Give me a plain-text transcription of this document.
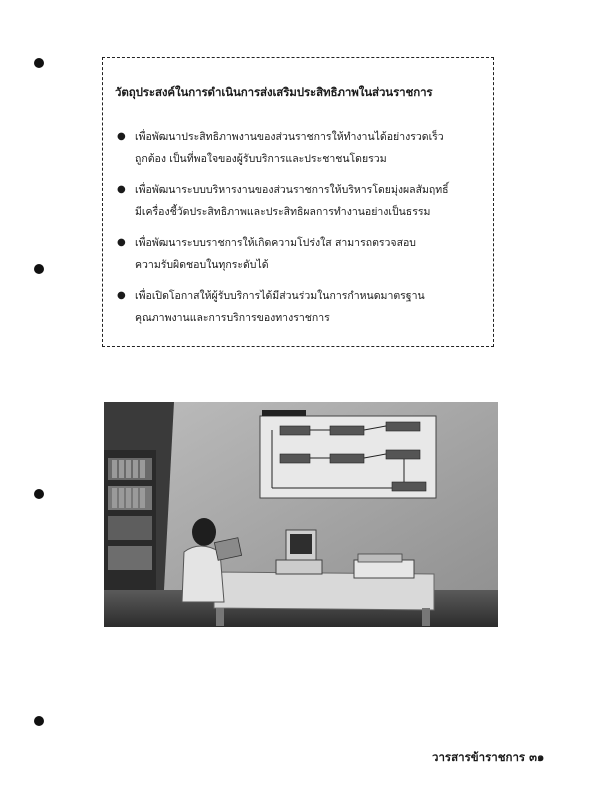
วัตถุประสงค์ในการดำเนินการส่งเสริมประสิทธิภาพในส่วนราชการ
● เพื่อพัฒนาประสิทธิภาพงานของส่วนราชการให้ทำงานได้อย่างรวดเร็ว
ถูกต้อง เป็นที่พอใจของผู้รับบริการและประชาชนโดยรวม
● เพื่อพัฒนาระบบบริหารงานของส่วนราชการให้บริหารโดยมุ่งผลสัมฤทธิ์
มีเครื่องชี้วัดประสิทธิภาพและประสิทธิผลการทำงานอย่างเป็นธรรม
● เพื่อพัฒนาระบบราชการให้เกิดความโปร่งใส สามารถตรวจสอบ
ความรับผิดชอบในทุกระดับได้
● เพื่อเปิดโอกาสให้ผู้รับบริการได้มีส่วนร่วมในการกำหนดมาตรฐาน
คุณภาพงานและการบริการของทางราชการ
วารสารข้าราชการ ๓๑
